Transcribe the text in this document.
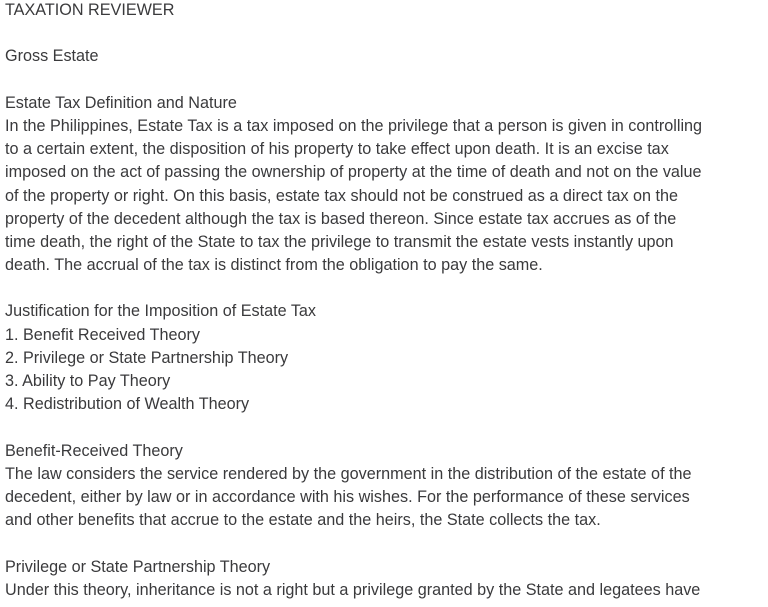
TAXATION REVIEWER
Gross Estate
Estate Tax Definition and Nature
In the Philippines, Estate Tax is a tax imposed on the privilege that a person is given in controlling
to a certain extent, the disposition of his property to take effect upon death. It is an excise tax
imposed on the act of passing the ownership of property at the time of death and not on the value
of the property or right. On this basis, estate tax should not be construed as a direct tax on the
property of the decedent although the tax is based thereon. Since estate tax accrues as of the
time death, the right of the State to tax the privilege to transmit the estate vests instantly upon
death. The accrual of the tax is distinct from the obligation to pay the same.
Justification for the Imposition of Estate Tax
1. Benefit Received Theory
2. Privilege or State Partnership Theory
3. Ability to Pay Theory
4. Redistribution of Wealth Theory
Benefit-Received Theory
The law considers the service rendered by the government in the distribution of the estate of the
decedent, either by law or in accordance with his wishes. For the performance of these services
and other benefits that accrue to the estate and the heirs, the State collects the tax.
Privilege or State Partnership Theory
Under this theory, inheritance is not a right but a privilege granted by the State and legatees have
